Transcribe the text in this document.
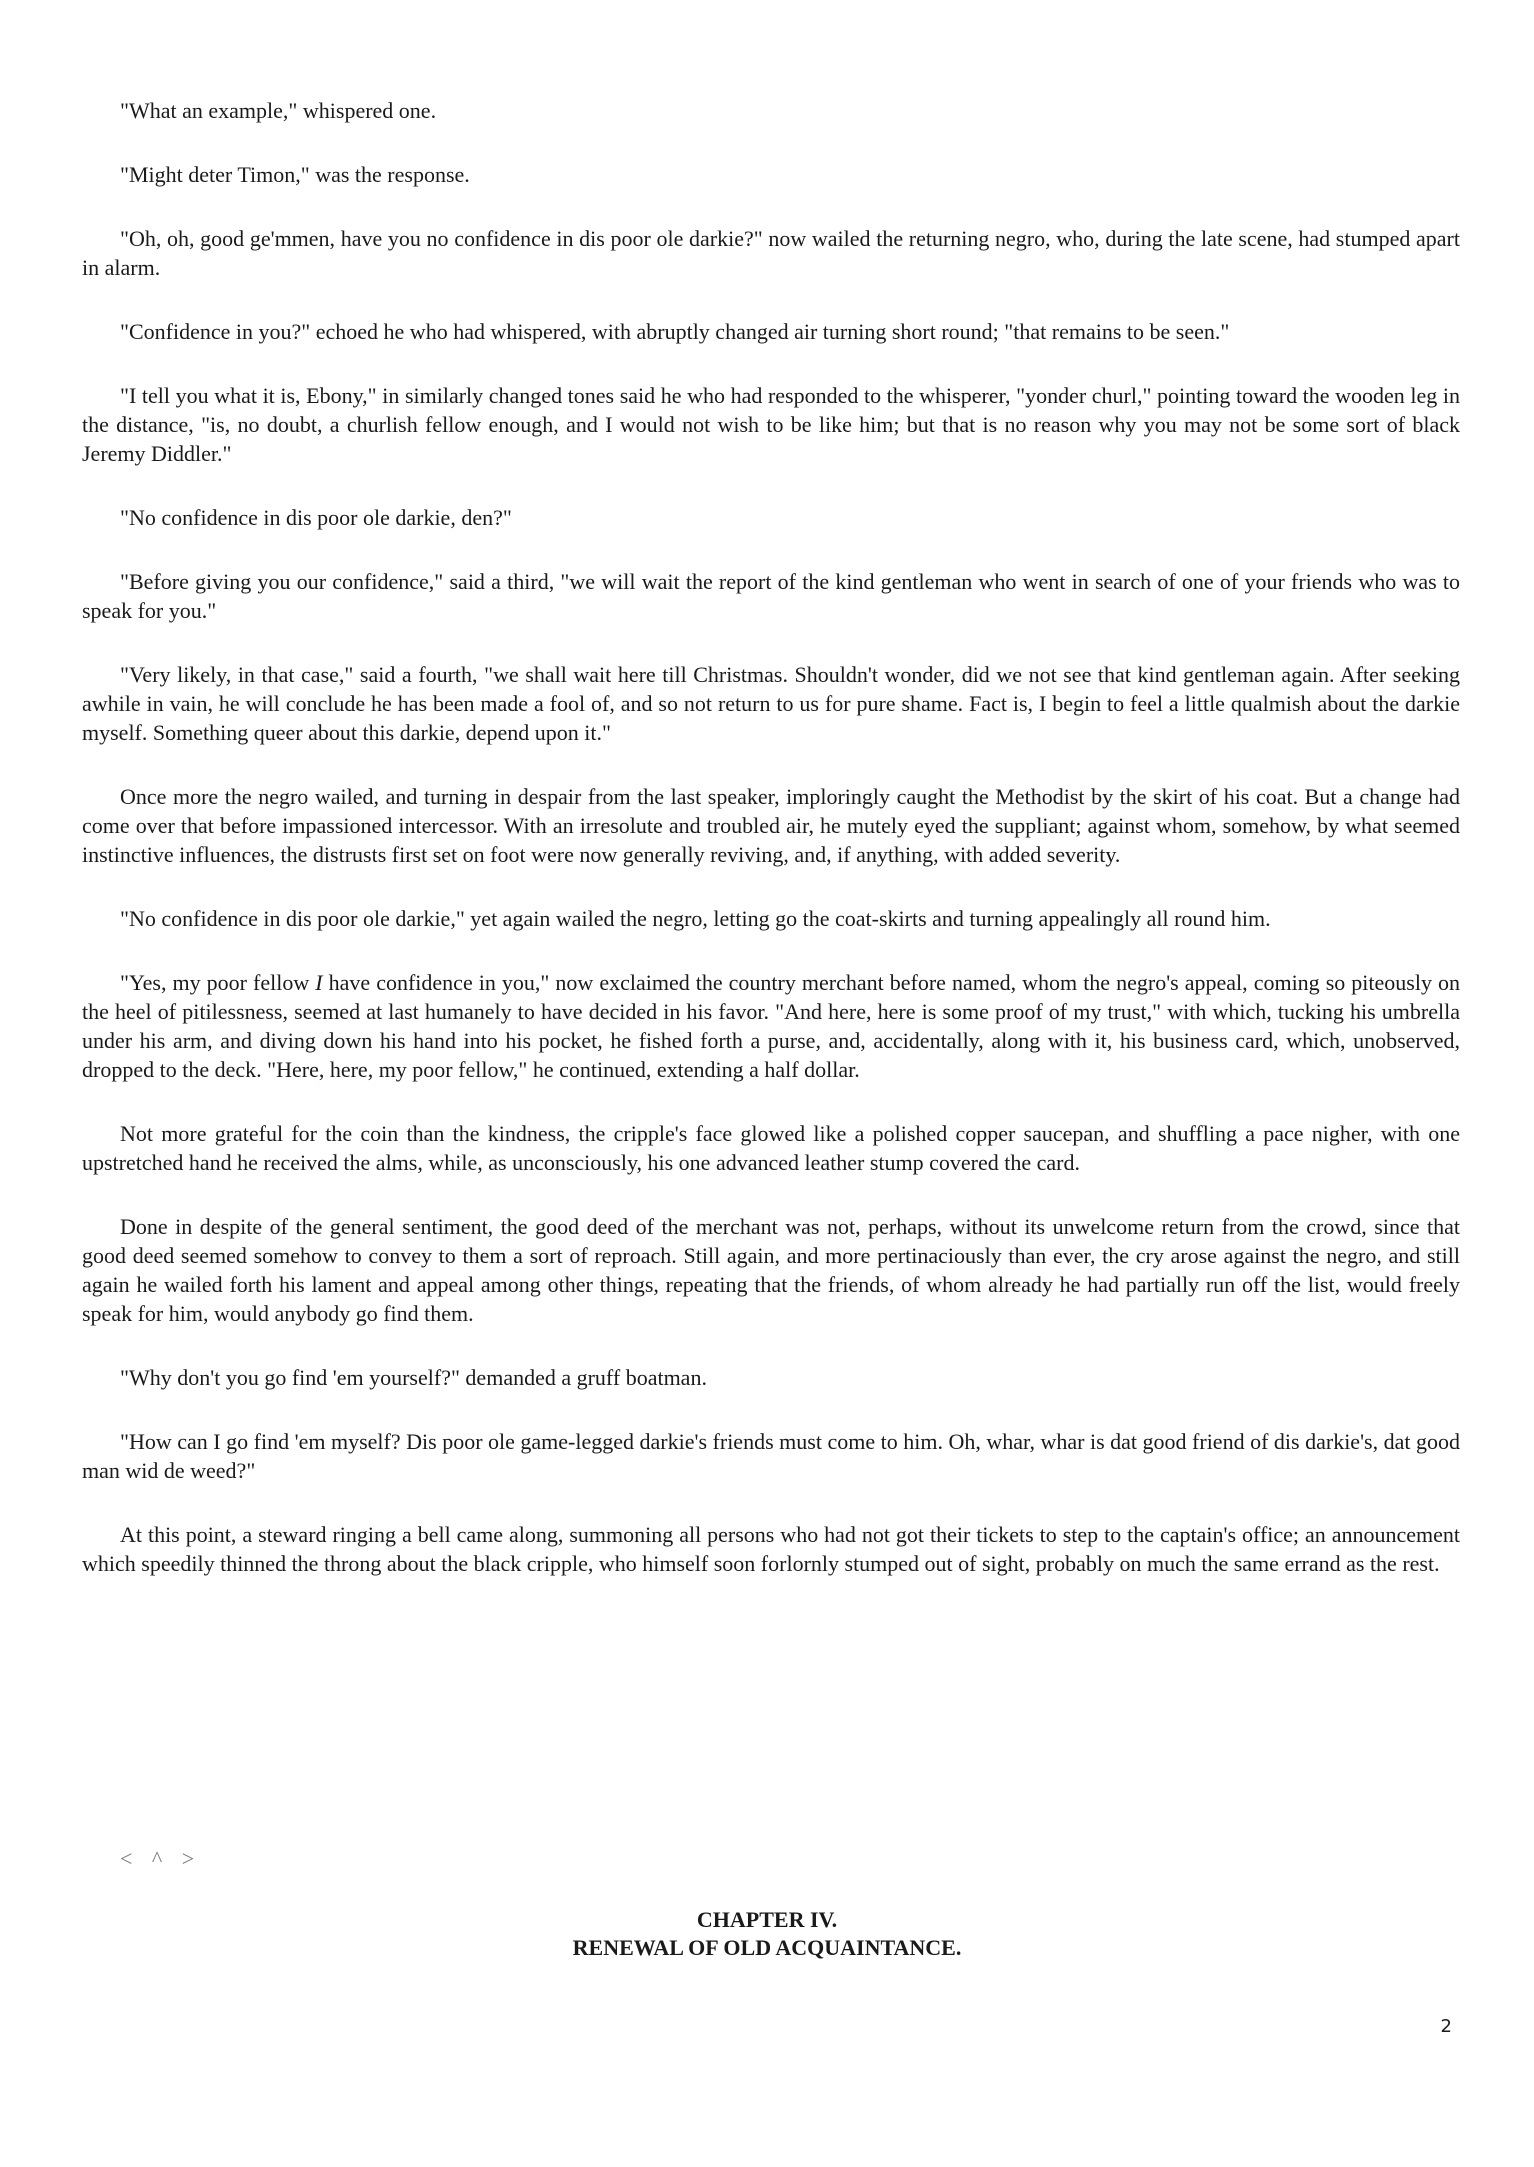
"What an example," whispered one.

"Might deter Timon," was the response.

"Oh, oh, good ge'mmen, have you no confidence in dis poor ole darkie?" now wailed the returning negro, who, during the late scene, had stumped apart in alarm.

"Confidence in you?" echoed he who had whispered, with abruptly changed air turning short round; "that remains to be seen."

"I tell you what it is, Ebony," in similarly changed tones said he who had responded to the whisperer, "yonder churl," pointing toward the wooden leg in the distance, "is, no doubt, a churlish fellow enough, and I would not wish to be like him; but that is no reason why you may not be some sort of black Jeremy Diddler."

"No confidence in dis poor ole darkie, den?"

"Before giving you our confidence," said a third, "we will wait the report of the kind gentleman who went in search of one of your friends who was to speak for you."

"Very likely, in that case," said a fourth, "we shall wait here till Christmas. Shouldn't wonder, did we not see that kind gentleman again. After seeking awhile in vain, he will conclude he has been made a fool of, and so not return to us for pure shame. Fact is, I begin to feel a little qualmish about the darkie myself. Something queer about this darkie, depend upon it."

Once more the negro wailed, and turning in despair from the last speaker, imploringly caught the Methodist by the skirt of his coat. But a change had come over that before impassioned intercessor. With an irresolute and troubled air, he mutely eyed the suppliant; against whom, somehow, by what seemed instinctive influences, the distrusts first set on foot were now generally reviving, and, if anything, with added severity.

"No confidence in dis poor ole darkie," yet again wailed the negro, letting go the coat-skirts and turning appealingly all round him.

"Yes, my poor fellow I have confidence in you," now exclaimed the country merchant before named, whom the negro's appeal, coming so piteously on the heel of pitilessness, seemed at last humanely to have decided in his favor. "And here, here is some proof of my trust," with which, tucking his umbrella under his arm, and diving down his hand into his pocket, he fished forth a purse, and, accidentally, along with it, his business card, which, unobserved, dropped to the deck. "Here, here, my poor fellow," he continued, extending a half dollar.

Not more grateful for the coin than the kindness, the cripple's face glowed like a polished copper saucepan, and shuffling a pace nigher, with one upstretched hand he received the alms, while, as unconsciously, his one advanced leather stump covered the card.

Done in despite of the general sentiment, the good deed of the merchant was not, perhaps, without its unwelcome return from the crowd, since that good deed seemed somehow to convey to them a sort of reproach. Still again, and more pertinaciously than ever, the cry arose against the negro, and still again he wailed forth his lament and appeal among other things, repeating that the friends, of whom already he had partially run off the list, would freely speak for him, would anybody go find them.

"Why don't you go find 'em yourself?" demanded a gruff boatman.

"How can I go find 'em myself? Dis poor ole game-legged darkie's friends must come to him. Oh, whar, whar is dat good friend of dis darkie's, dat good man wid de weed?"

At this point, a steward ringing a bell came along, summoning all persons who had not got their tickets to step to the captain's office; an announcement which speedily thinned the throng about the black cripple, who himself soon forlornly stumped out of sight, probably on much the same errand as the rest.

< ^ >
CHAPTER IV.
RENEWAL OF OLD ACQUAINTANCE.
2
